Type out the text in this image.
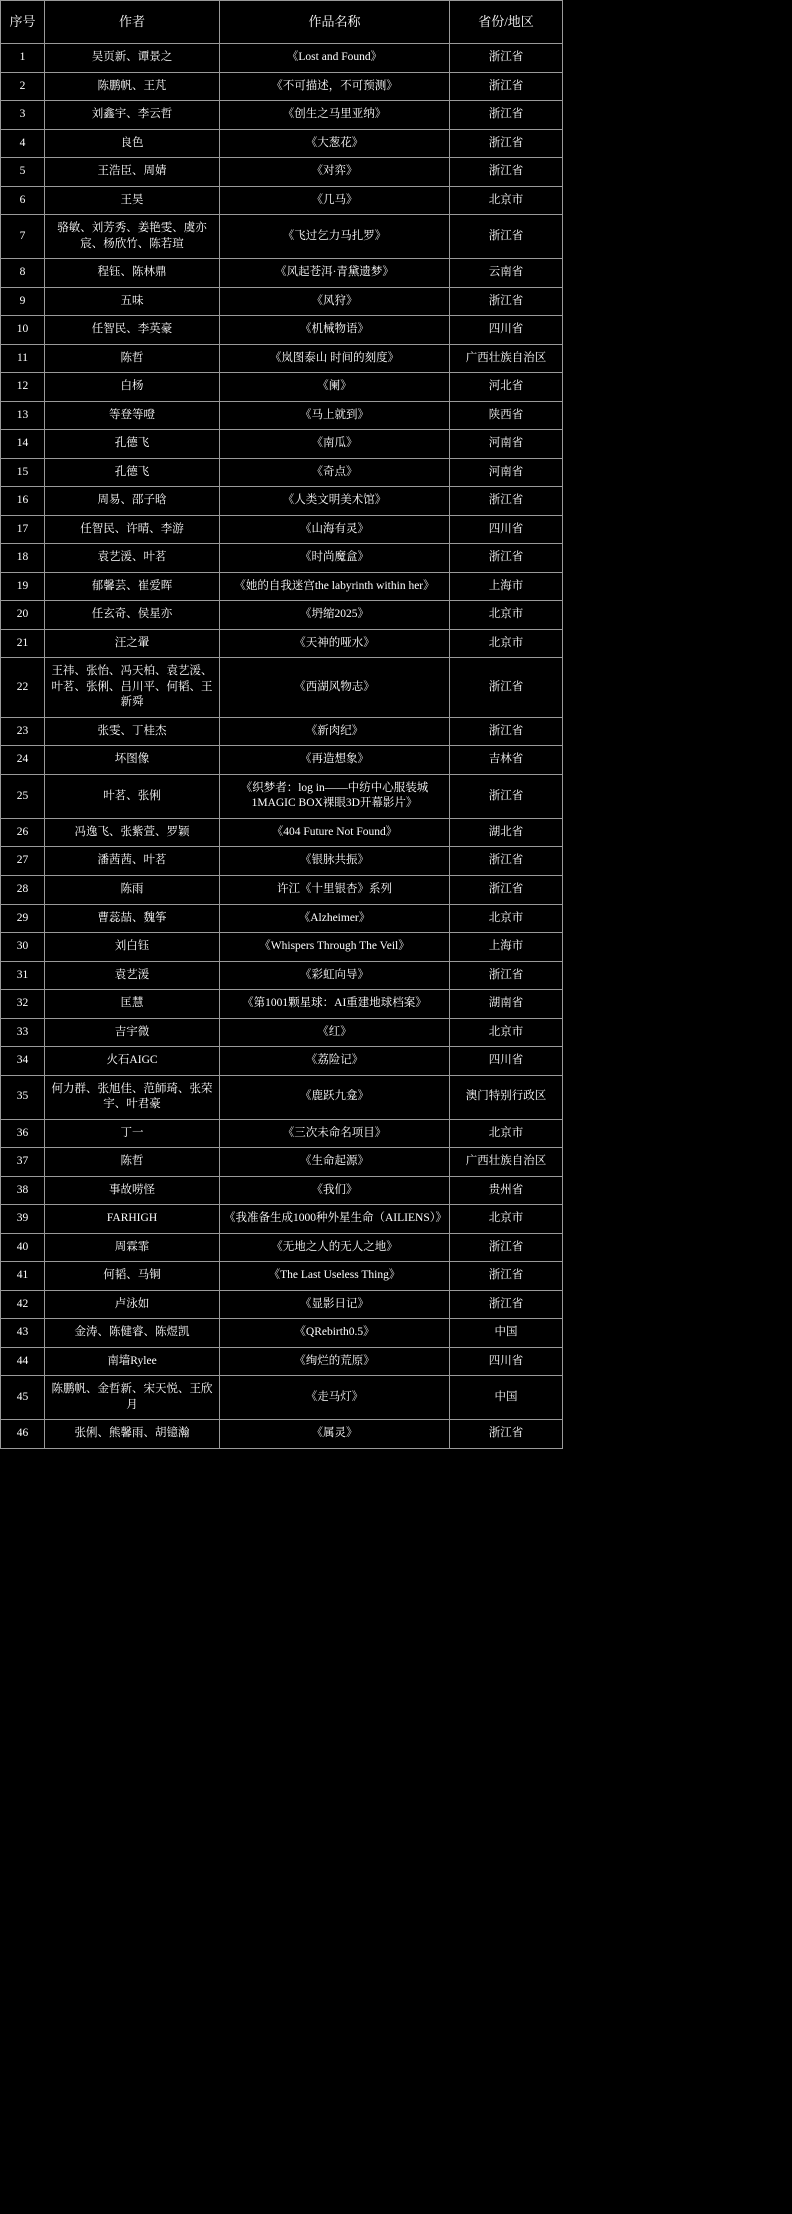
序号	作者	作品名称	省份/地区
1	吴页新、谭景之	《Lost and Found》	浙江省
2	陈鹏帆、王芃	《不可描述，不可预测》	浙江省
3	刘鑫宇、李云哲	《创生之马里亚纳》	浙江省
4	良色	《大葱花》	浙江省
5	王浩臣、周婧	《对弈》	浙江省
6	王昊	《几马》	北京市
7	骆敏、刘芳秀、姜艳雯、虞亦宸、杨欣竹、陈若瑄	《飞过乞力马扎罗》	浙江省
8	程钰、陈林鼎	《风起苍洱·青黛遗梦》	云南省
9	五味	《风狩》	浙江省
10	任智民、李英豪	《机械物语》	四川省
11	陈哲	《岚图泰山 时间的刻度》	广西壮族自治区
12	白杨	《阑》	河北省
13	等登等噔	《马上就到》	陕西省
14	孔德飞	《南瓜》	河南省
15	孔德飞	《奇点》	河南省
16	周易、邵子晗	《人类文明美术馆》	浙江省
17	任智民、许晴、李游	《山海有灵》	四川省
18	袁艺湲、叶茗	《时尚魔盒》	浙江省
19	郁馨芸、崔爱晖	《她的自我迷宫the labyrinth within her》	上海市
20	任玄奇、侯星亦	《坍缩2025》	北京市
21	汪之翬	《天神的哑水》	北京市
22	王祎、张怡、冯天柏、袁艺湲、叶茗、张俐、吕川平、何韬、王新舜	《西湖风物志》	浙江省
23	张雯、丁桂杰	《新肉纪》	浙江省
24	坏图像	《再造想象》	吉林省
25	叶茗、张俐	《织梦者：log in——中纺中心服装城 1MAGIC BOX裸眼3D开幕影片》	浙江省
26	冯逸飞、张紫萱、罗颖	《404 Future Not Found》	湖北省
27	潘茜茜、叶茗	《银脉共振》	浙江省
28	陈雨	许江《十里银杏》系列	浙江省
29	曹蕊喆、魏筝	《Alzheimer》	北京市
30	刘白钰	《Whispers Through The Veil》	上海市
31	袁艺湲	《彩虹向导》	浙江省
32	匡慧	《第1001颗星球：AI重建地球档案》	湖南省
33	吉宇微	《红》	北京市
34	火石AIGC	《荔险记》	四川省
35	何力群、张旭佳、范師琦、张荣宇、叶君豪	《鹿跃九龛》	澳门特别行政区
36	丁一	《三次未命名项目》	北京市
37	陈哲	《生命起源》	广西壮族自治区
38	事故唠怪	《我们》	贵州省
39	FARHIGH	《我准备生成1000种外星生命（AILIENS）》	北京市
40	周霖霏	《无地之人的无人之地》	浙江省
41	何韬、马铜	《The Last Useless Thing》	浙江省
42	卢泳如	《显影日记》	浙江省
43	金涛、陈健睿、陈煜凯	《QRebirth0.5》	中国
44	南墙Rylee	《绚烂的荒原》	四川省
45	陈鹏帆、金哲新、宋天悦、王欣月	《走马灯》	中国
46	张俐、熊馨雨、胡镱瀚	《属灵》	浙江省
